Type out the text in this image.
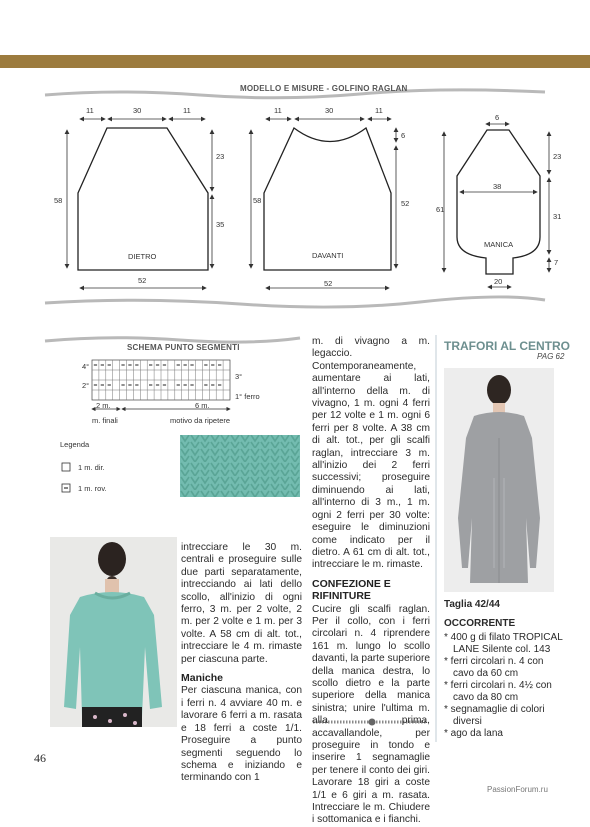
MODELLO E MISURE - GOLFINO RAGLAN
11	30	11
58
23
35
52
DIETRO
11	30	11
6
58	52
52
DAVANTI
6
23
38
61
31
7
20
MANICA
SCHEMA PUNTO SEGMENTI
4°
2°
3°
1° ferro
2 m.	6 m.
m. finali	motivo da ripetere
Legenda
1 m. dir.
1 m. rov.

intrecciare le 30 m. centrali e proseguire sulle due parti separatamente, intrecciando ai lati dello scollo, all'inizio di ogni ferro, 3 m. per 2 volte, 2 m. per 2 volte e 1 m. per 3 volte. A 58 cm di alt. tot., intrecciare le 4 m. rimaste per ciascuna parte.

Maniche

Per ciascuna manica, con i ferri n. 4 avviare 40 m. e lavorare 6 ferri a m. rasata e 18 ferri a coste 1/1. Proseguire a punto segmenti seguendo lo schema e iniziando e terminando con 1

m. di vivagno a m. legaccio. Contemporaneamente, aumentare ai lati, all'interno della m. di vivagno, 1 m. ogni 4 ferri per 12 volte e 1 m. ogni 6 ferri per 8 volte. A 38 cm di alt. tot., per gli scalfi raglan, intrecciare 3 m. all'inizio dei 2 ferri successivi; proseguire diminuendo ai lati, all'interno di 3 m., 1 m. ogni 2 ferri per 30 volte: eseguire le diminuzioni come indicato per il dietro. A 61 cm di alt. tot., intrecciare le m. rimaste.

CONFEZIONE E RIFINITURE

Cucire gli scalfi raglan. Per il collo, con i ferri circolari n. 4 riprendere 161 m. lungo lo scollo davanti, la parte superiore della manica destra, lo scollo dietro e la parte superiore della manica sinistra; unire l'ultima m. alla prima, accavallandole, per proseguire in tondo e inserire 1 segnamaglie per tenere il conto dei giri. Lavorare 18 giri a coste 1/1 e 6 giri a m. rasata. Intrecciare le m. Chiudere i sottomanica e i fianchi.

TRAFORI AL CENTRO
PAG 62
Taglia 42/44
OCCORRENTE
* 400 g di filato TROPICAL LANE Silente col. 143
* ferri circolari n. 4 con cavo da 60 cm
* ferri circolari n. 4½ con cavo da 80 cm
* segnamaglie di colori diversi
* ago da lana
46
PassionForum.ru
